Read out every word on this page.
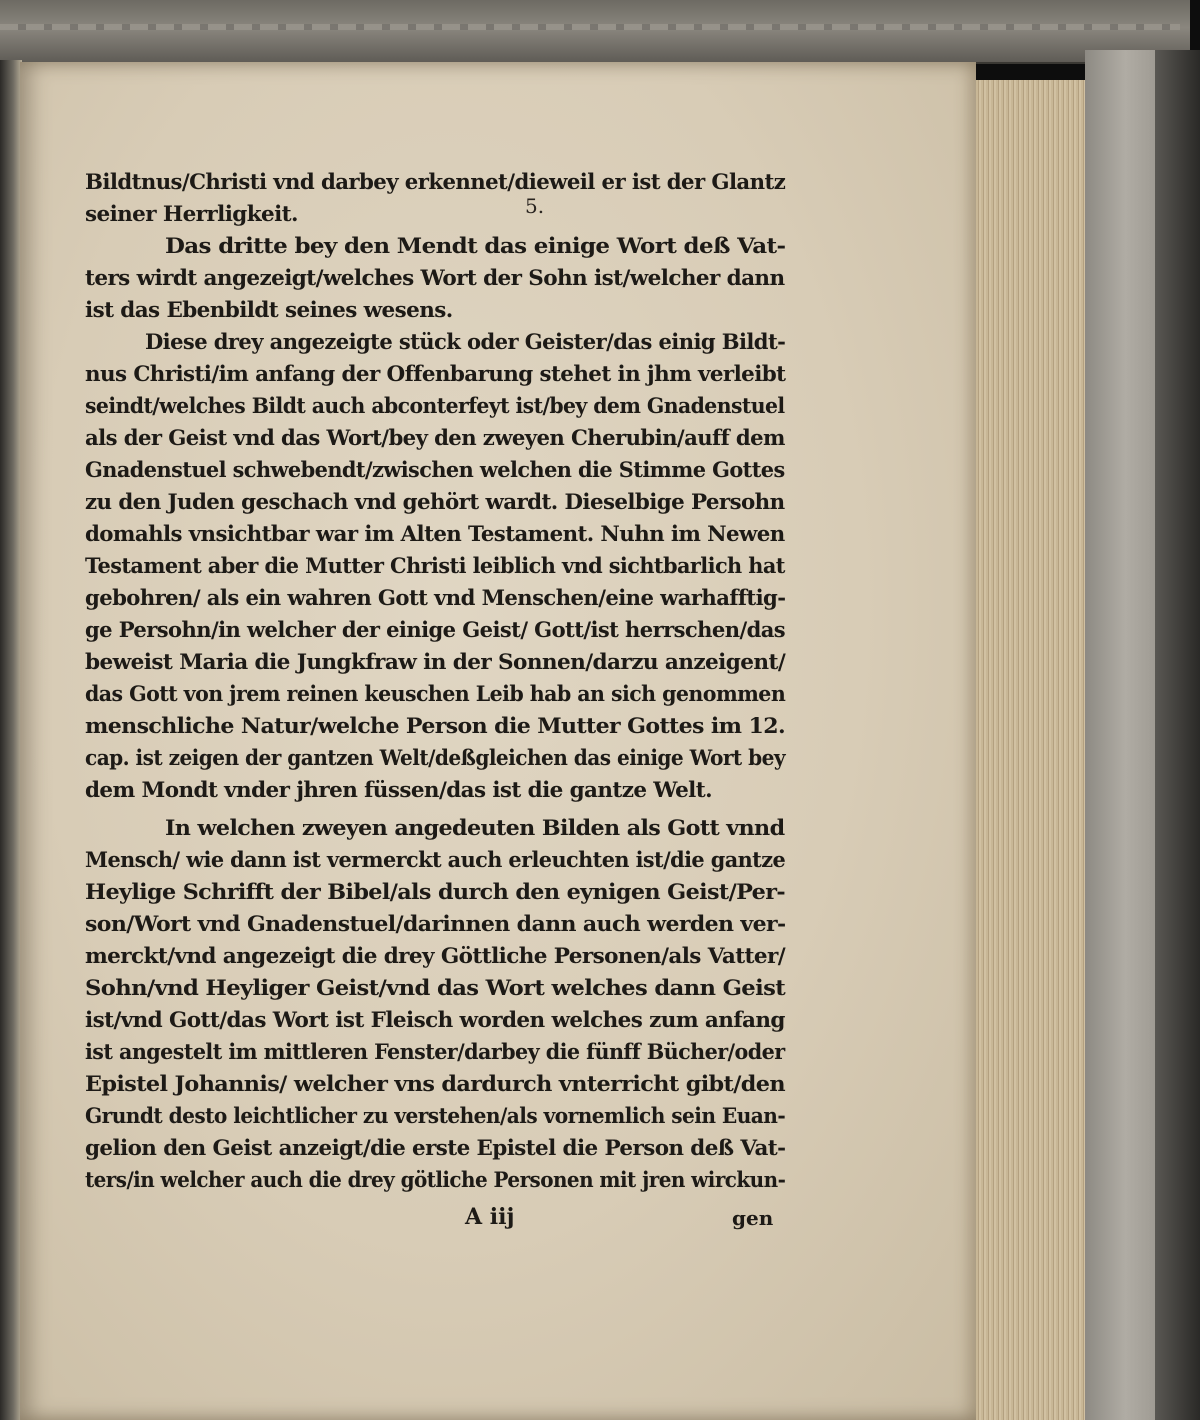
5.
Bildtnus/Christi vnd darbey erkennet/dieweil er ist der Glantz
seiner Herrligkeit.
Das dritte bey den Mendt das einige Wort deß Vat-
ters wirdt angezeigt/welches Wort der Sohn ist/welcher dann
ist das Ebenbildt seines wesens.
Diese drey angezeigte stück oder Geister/das einig Bildt-
nus Christi/im anfang der Offenbarung stehet in jhm verleibt
seindt/welches Bildt auch abconterfeyt ist/bey dem Gnadenstuel
als der Geist vnd das Wort/bey den zweyen Cherubin/auff dem
Gnadenstuel schwebendt/zwischen welchen die Stimme Gottes
zu den Juden geschach vnd gehört wardt. Dieselbige Persohn
domahls vnsichtbar war im Alten Testament. Nuhn im Newen
Testament aber die Mutter Christi leiblich vnd sichtbarlich hat
gebohren/ als ein wahren Gott vnd Menschen/eine warhafftig-
ge Persohn/in welcher der einige Geist/ Gott/ist herrschen/das
beweist Maria die Jungkfraw in der Sonnen/darzu anzeigent/
das Gott von jrem reinen keuschen Leib hab an sich genommen
menschliche Natur/welche Person die Mutter Gottes im 12.
cap. ist zeigen der gantzen Welt/deßgleichen das einige Wort bey
dem Mondt vnder jhren füssen/das ist die gantze Welt.
In welchen zweyen angedeuten Bilden als Gott vnnd
Mensch/ wie dann ist vermerckt auch erleuchten ist/die gantze
Heylige Schrifft der Bibel/als durch den eynigen Geist/Per-
son/Wort vnd Gnadenstuel/darinnen dann auch werden ver-
merckt/vnd angezeigt die drey Göttliche Personen/als Vatter/
Sohn/vnd Heyliger Geist/vnd das Wort welches dann Geist
ist/vnd Gott/das Wort ist Fleisch worden welches zum anfang
ist angestelt im mittleren Fenster/darbey die fünff Bücher/oder
Epistel Johannis/ welcher vns dardurch vnterricht gibt/den
Grundt desto leichtlicher zu verstehen/als vornemlich sein Euan-
gelion den Geist anzeigt/die erste Epistel die Person deß Vat-
ters/in welcher auch die drey götliche Personen mit jren wirckun-
A iij	gen
